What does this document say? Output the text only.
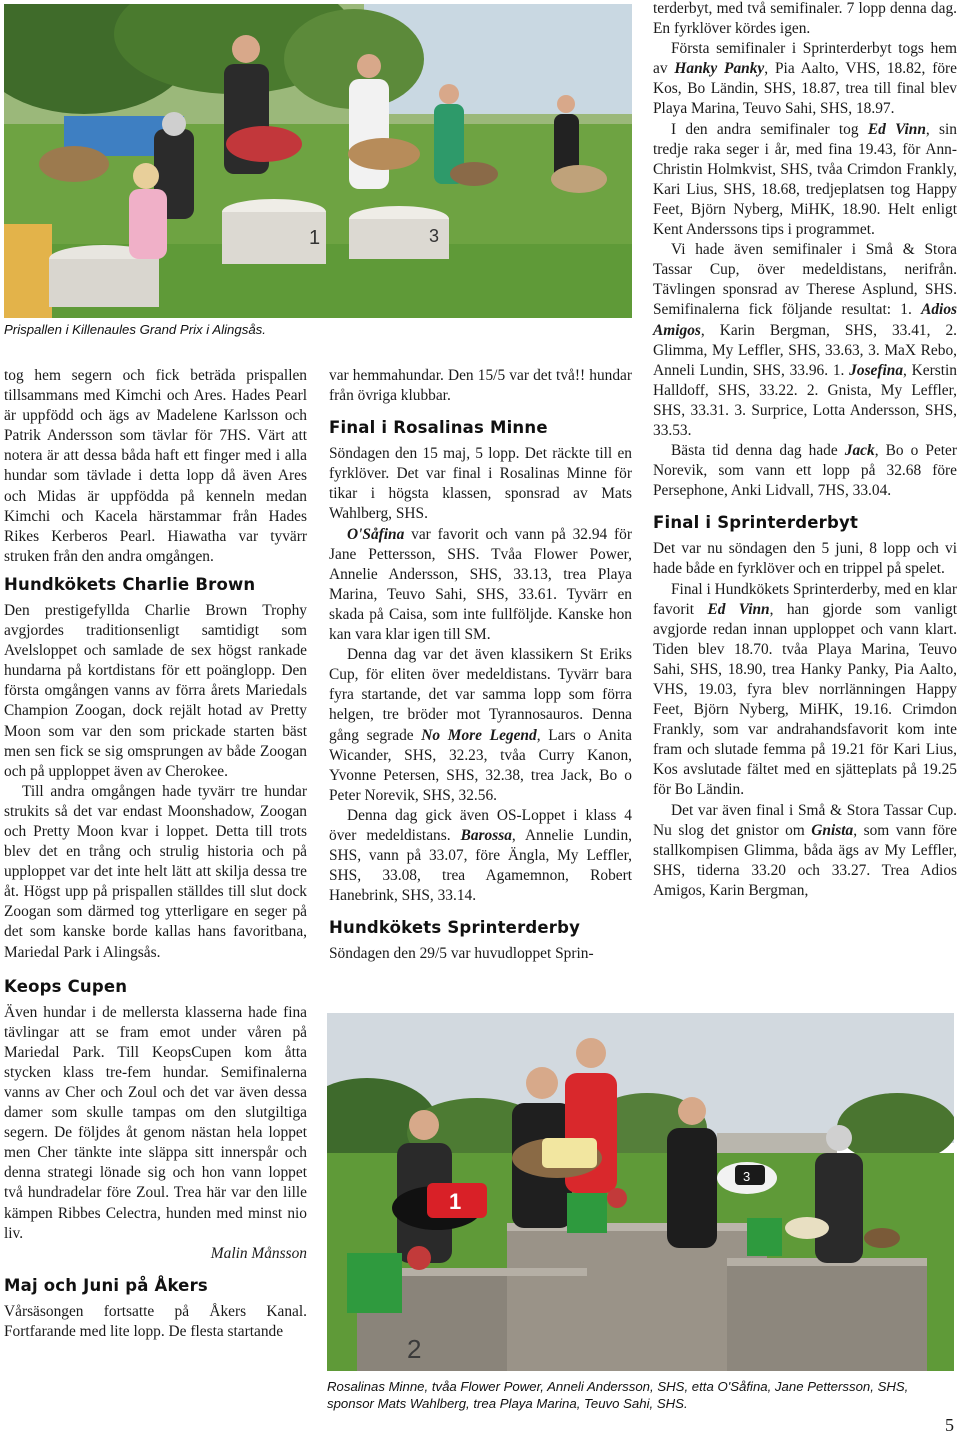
1	3
Prispallen i Killenaules Grand Prix i Alingsås.

tog hem segern och fick beträda prispallen tillsammans med Kimchi och Ares. Hades Pearl är uppfödd och ägs av Madelene Karlsson och Patrik Andersson som tävlar för 7HS. Värt att notera är att dessa båda haft ett finger med i alla hundar som tävlade i detta lopp då även Ares och Midas är uppfödda på kenneln medan Kimchi och Kacela härstammar från Hades Rikes Kerberos Pearl. Hiawatha var tyvärr struken från den andra omgången.

Hundkökets Charlie Brown

Den prestigefyllda Charlie Brown Trophy avgjordes traditionsenligt samtidigt som Avelsloppet och samlade de sex högst rankade hundarna på kortdistans för ett poänglopp. Den första omgången vanns av förra årets Mariedals Champion Zoogan, dock rejält hotad av Pretty Moon som var den som prickade starten bäst men sen fick se sig omsprungen av både Zoogan och på upploppet även av Cherokee.

Till andra omgången hade tyvärr tre hundar strukits så det var endast Moonshadow, Zoogan och Pretty Moon kvar i loppet. Detta till trots blev det en trång och strulig historia och på upploppet var det inte helt lätt att skilja dessa tre åt. Högst upp på prispallen ställdes till slut dock Zoogan som därmed tog ytterligare en seger på det som kanske borde kallas hans favoritbana, Mariedal Park i Alingsås.

Keops Cupen

Även hundar i de mellersta klasserna hade fina tävlingar att se fram emot under våren på Mariedal Park. Till KeopsCupen kom åtta stycken klass tre-fem hundar. Semifinalerna vanns av Cher och Zoul och det var även dessa damer som skulle tampas om den slutgiltiga segern. De följdes åt genom nästan hela loppet men Cher tänkte inte släppa sitt innerspår och denna strategi lönade sig och hon vann loppet två hundradelar före Zoul. Trea här var den lille kämpen Ribbes Celectra, hunden med minst nio liv.

Malin Månsson

Maj och Juni på Åkers

Vårsäsongen fortsatte på Åkers Kanal. Fortfarande med lite lopp. De flesta startande

var hemmahundar. Den 15/5 var det två!! hundar från övriga klubbar.

Final i Rosalinas Minne

Söndagen den 15 maj, 5 lopp. Det räckte till en fyrklöver. Det var final i Rosalinas Minne för tikar i högsta klassen, sponsrad av Mats Wahlberg, SHS.

O'Såfina var favorit och vann på 32.94 för Jane Pettersson, SHS. Tvåa Flower Power, Annelie Andersson, SHS, 33.13, trea Playa Marina, Teuvo Sahi, SHS, 33.61. Tyvärr en skada på Caisa, som inte fullföljde. Kanske hon kan vara klar igen till SM.

Denna dag var det även klassikern St Eriks Cup, för eliten över medeldistans. Tyvärr bara fyra startande, det var samma lopp som förra helgen, tre bröder mot Tyrannosauros. Denna gång segrade No More Legend, Lars o Anita Wicander, SHS, 32.23, tvåa Curry Kanon, Yvonne Petersen, SHS, 32.38, trea Jack, Bo o Peter Norevik, SHS, 32.56.

Denna dag gick även OS-Loppet i klass 4 över medeldistans. Barossa, Annelie Lundin, SHS, vann på 33.07, före Ängla, My Leffler, SHS, 33.08, trea Agamemnon, Robert Hanebrink, SHS, 33.14.

Hundkökets Sprinterderby

Söndagen den 29/5 var huvudloppet Sprin-

terderbyt, med två semifinaler. 7 lopp denna dag. En fyrklöver kördes igen.

Första semifinaler i Sprinterderbyt togs hem av Hanky Panky, Pia Aalto, VHS, 18.82, före Kos, Bo Ländin, SHS, 18.87, trea till final blev Playa Marina, Teuvo Sahi, SHS, 18.97.

I den andra semifinaler tog Ed Vinn, sin tredje raka seger i år, med fina 19.43, för Ann-Christin Holmkvist, SHS, tvåa Crimdon Frankly, Kari Lius, SHS, 18.68, tredjeplatsen tog Happy Feet, Björn Nyberg, MiHK, 18.90. Helt enligt Kent Anderssons tips i programmet.

Vi hade även semifinaler i Små & Stora Tassar Cup, över medeldistans, nerifrån. Tävlingen sponsrad av Therese Asplund, SHS. Semifinalerna fick följande resultat: 1. Adios Amigos, Karin Bergman, SHS, 33.41, 2. Glimma, My Leffler, SHS, 33.63, 3. MaX Rebo, Anneli Lundin, SHS, 33.96. 1. Josefina, Kerstin Halldoff, SHS, 33.22. 2. Gnista, My Leffler, SHS, 33.31. 3. Surprice, Lotta Andersson, SHS, 33.53.

Bästa tid denna dag hade Jack, Bo o Peter Norevik, som vann ett lopp på 32.68 före Persephone, Anki Lidvall, 7HS, 33.04.

Final i Sprinterderbyt

Det var nu söndagen den 5 juni, 8 lopp och vi hade både en fyrklöver och en trippel på spelet.

Final i Hundkökets Sprinterderby, med en klar favorit Ed Vinn, han gjorde som vanligt avgjorde redan innan upploppet och vann klart. Tiden blev 18.70. tvåa Playa Marina, Teuvo Sahi, SHS, 18.90, trea Hanky Panky, Pia Aalto, VHS, 19.03, fyra blev norrlänningen Happy Feet, Björn Nyberg, MiHK, 19.16. Crimdon Frankly, som var andrahandsfavorit kom inte fram och slutade femma på 19.21 för Kari Lius, Kos avslutade fältet med en sjätteplats på 19.25 för Bo Ländin.

Det var även final i Små & Stora Tassar Cup. Nu slog det gnistor om Gnista, som vann före stallkompisen Glimma, båda ägs av My Leffler, SHS, tiderna 33.20 och 33.27. Trea Adios Amigos, Karin Bergman,

2
1
3
Rosalinas Minne, tvåa Flower Power, Anneli Andersson, SHS, etta O'Såfina, Jane Pettersson, SHS, sponsor Mats Wahlberg, trea Playa Marina, Teuvo Sahi, SHS.
5
